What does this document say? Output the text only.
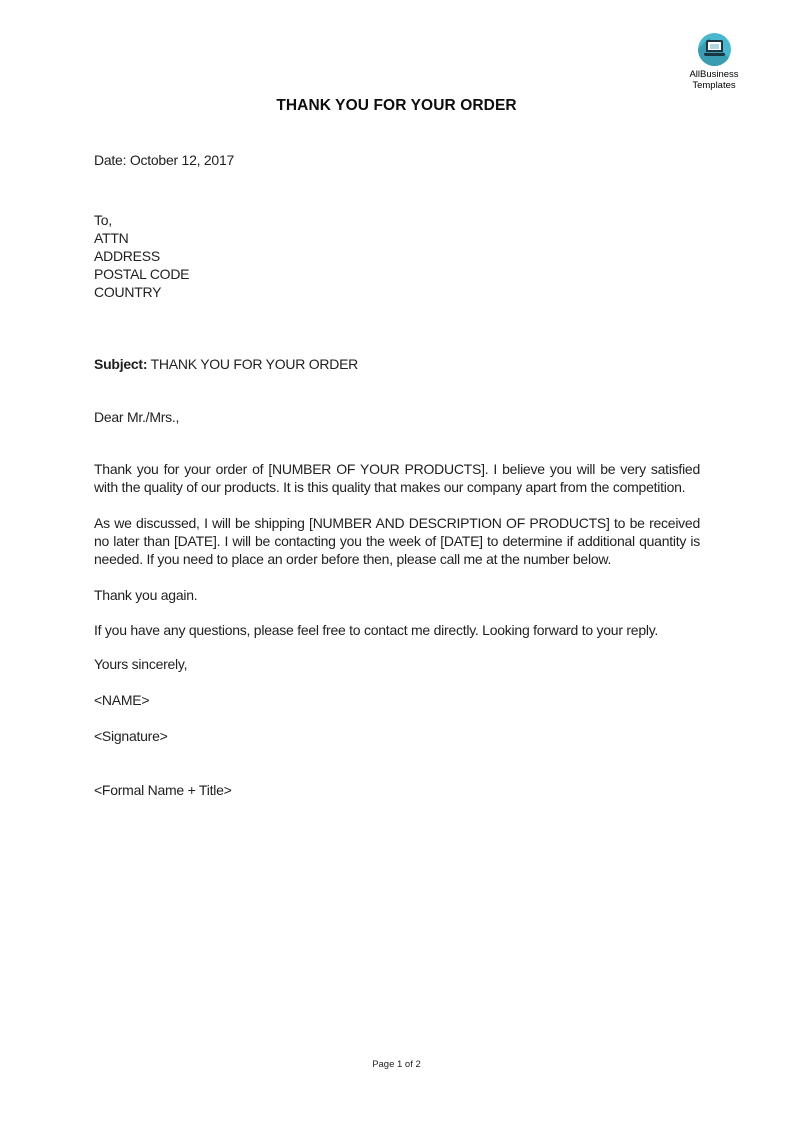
AllBusiness
Templates
THANK YOU FOR YOUR ORDER
Date: October 12, 2017
To,
ATTN
ADDRESS
POSTAL CODE
COUNTRY
Subject: THANK YOU FOR YOUR ORDER
Dear Mr./Mrs.,
Thank you for your order of [NUMBER OF YOUR PRODUCTS]. I believe you will be very satisfied with the quality of our products. It is this quality that makes our company apart from the competition.
As we discussed, I will be shipping [NUMBER AND DESCRIPTION OF PRODUCTS] to be received no later than [DATE]. I will be contacting you the week of [DATE] to determine if additional quantity is needed. If you need to place an order before then, please call me at the number below.
Thank you again.
If you have any questions, please feel free to contact me directly. Looking forward to your reply.
Yours sincerely,
<NAME>
<Signature>
<Formal Name + Title>
Page 1 of 2
